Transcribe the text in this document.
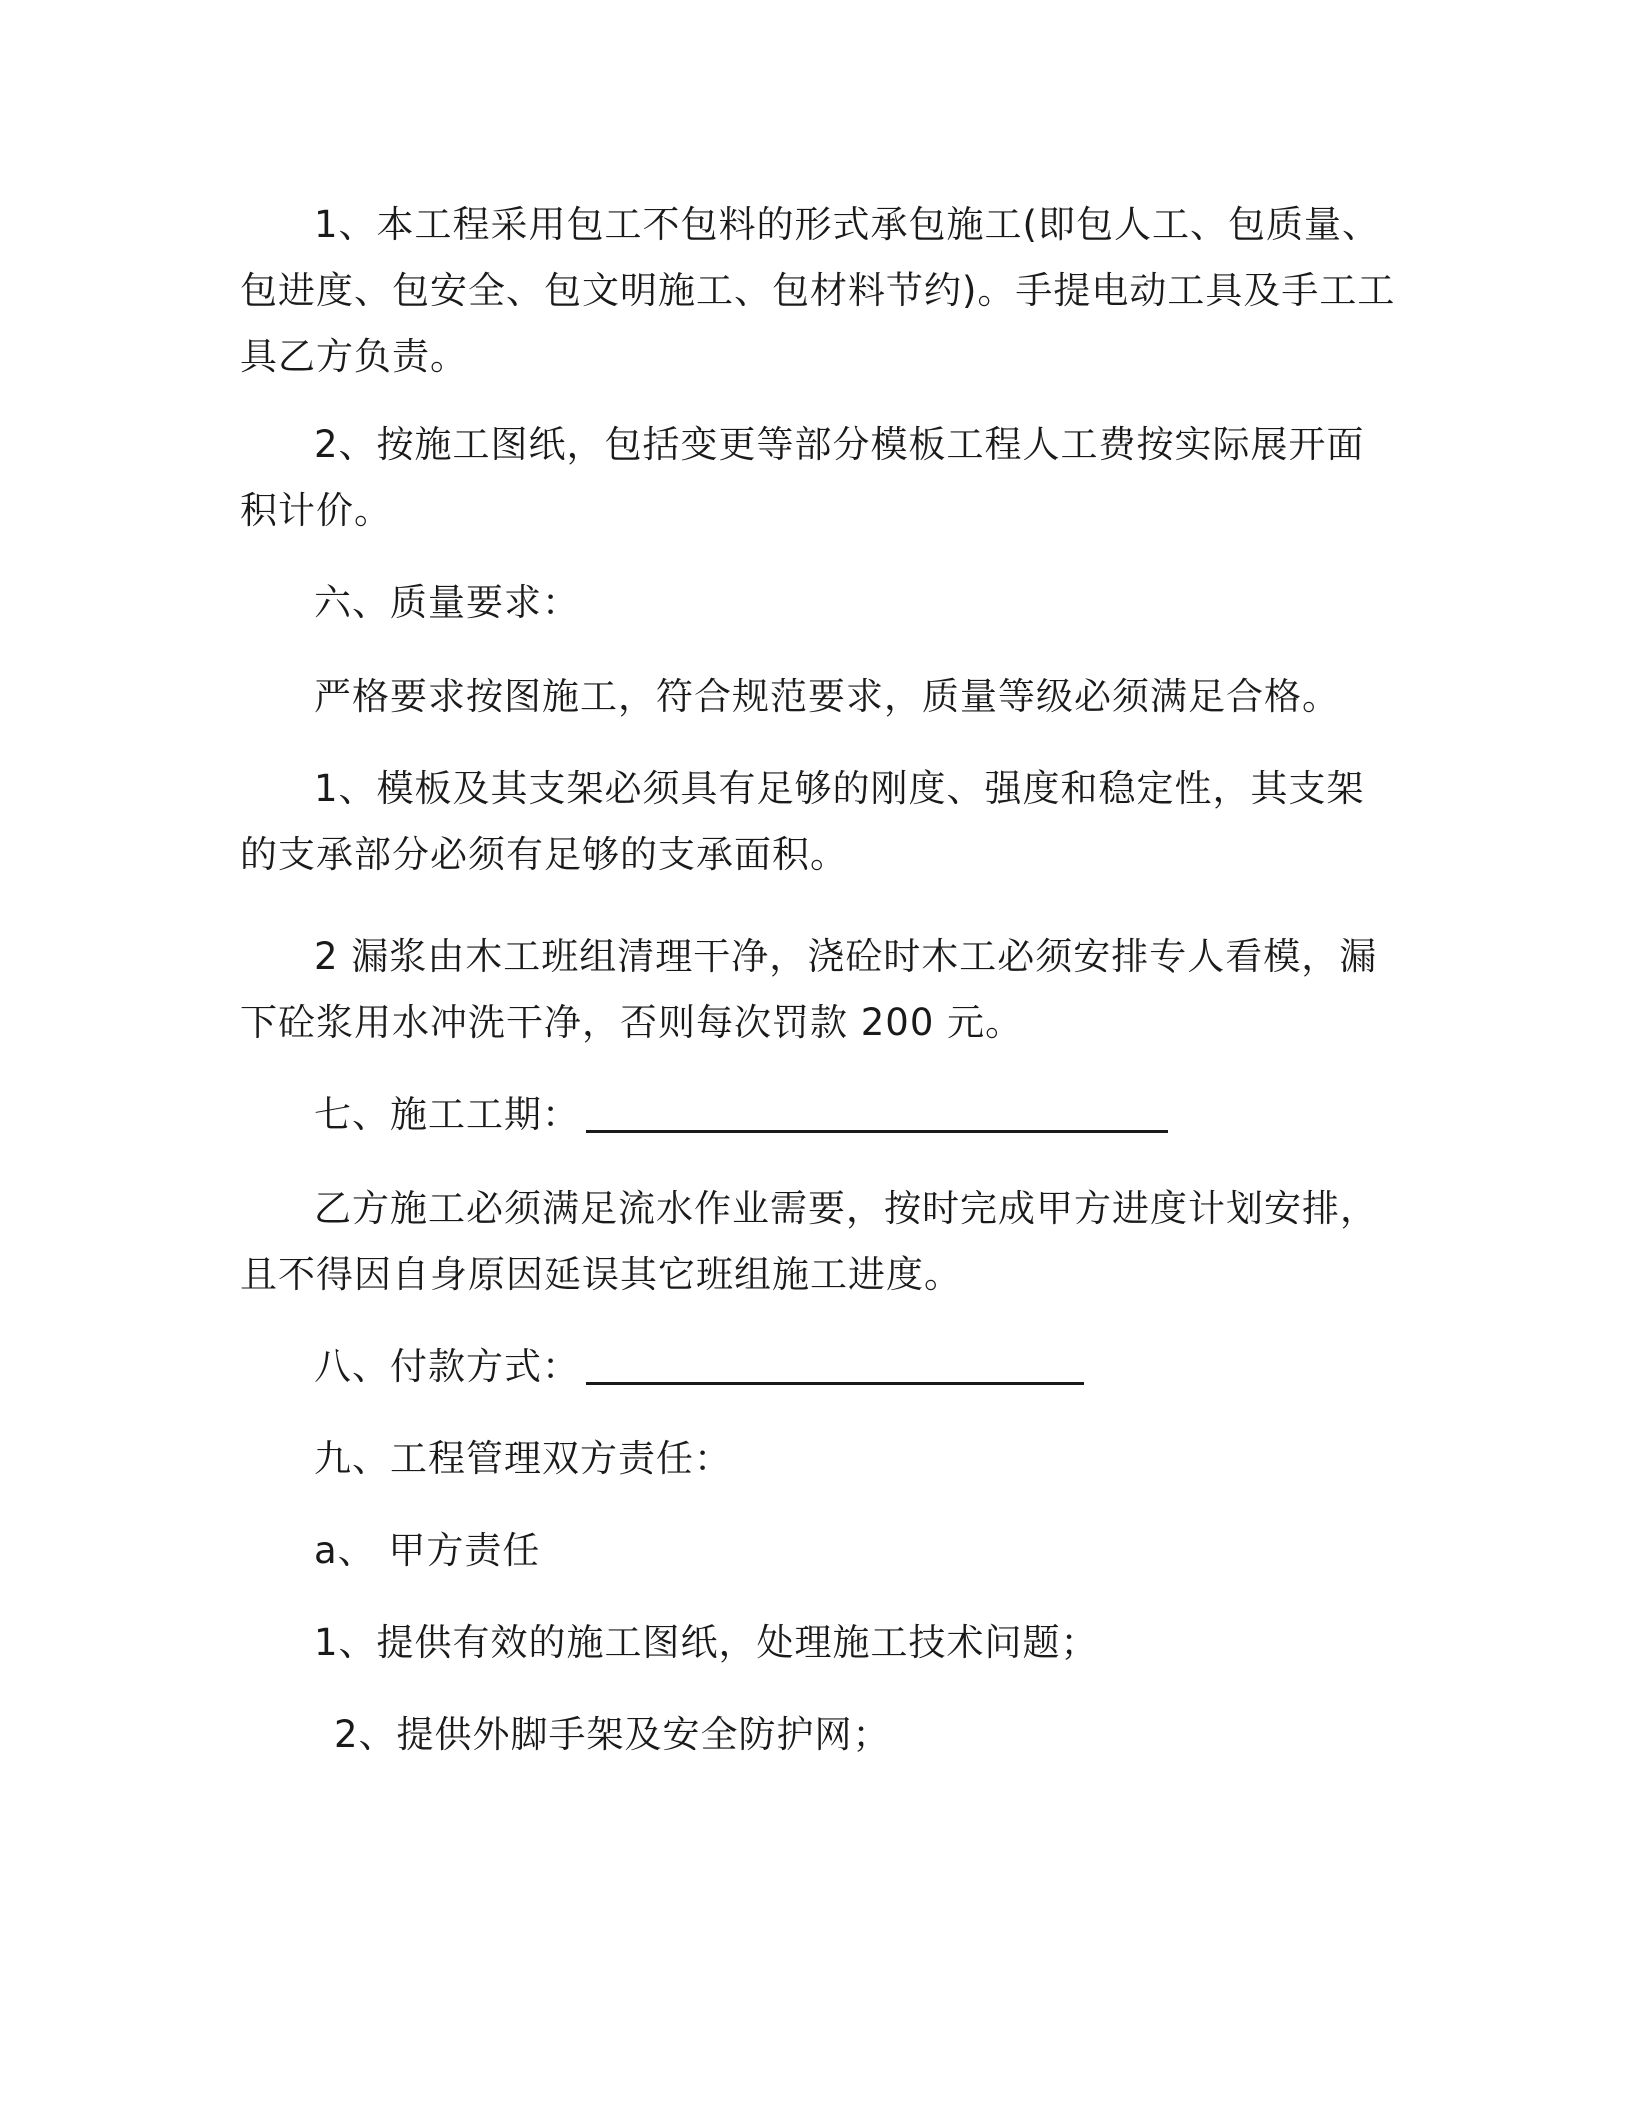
1、本工程采用包工不包料的形式承包施工(即包人工、包质量、包进度、包安全、包文明施工、包材料节约)。手提电动工具及手工工具乙方负责。

2、按施工图纸，包括变更等部分模板工程人工费按实际展开面积计价。

六、质量要求：

严格要求按图施工，符合规范要求，质量等级必须满足合格。

1、模板及其支架必须具有足够的刚度、强度和稳定性，其支架的支承部分必须有足够的支承面积。

2 漏浆由木工班组清理干净，浇砼时木工必须安排专人看模，漏下砼浆用水冲洗干净，否则每次罚款 200 元。

七、施工工期：

乙方施工必须满足流水作业需要，按时完成甲方进度计划安排，且不得因自身原因延误其它班组施工进度。

八、付款方式：

九、工程管理双方责任：

a、 甲方责任

1、提供有效的施工图纸，处理施工技术问题；

2、提供外脚手架及安全防护网；
